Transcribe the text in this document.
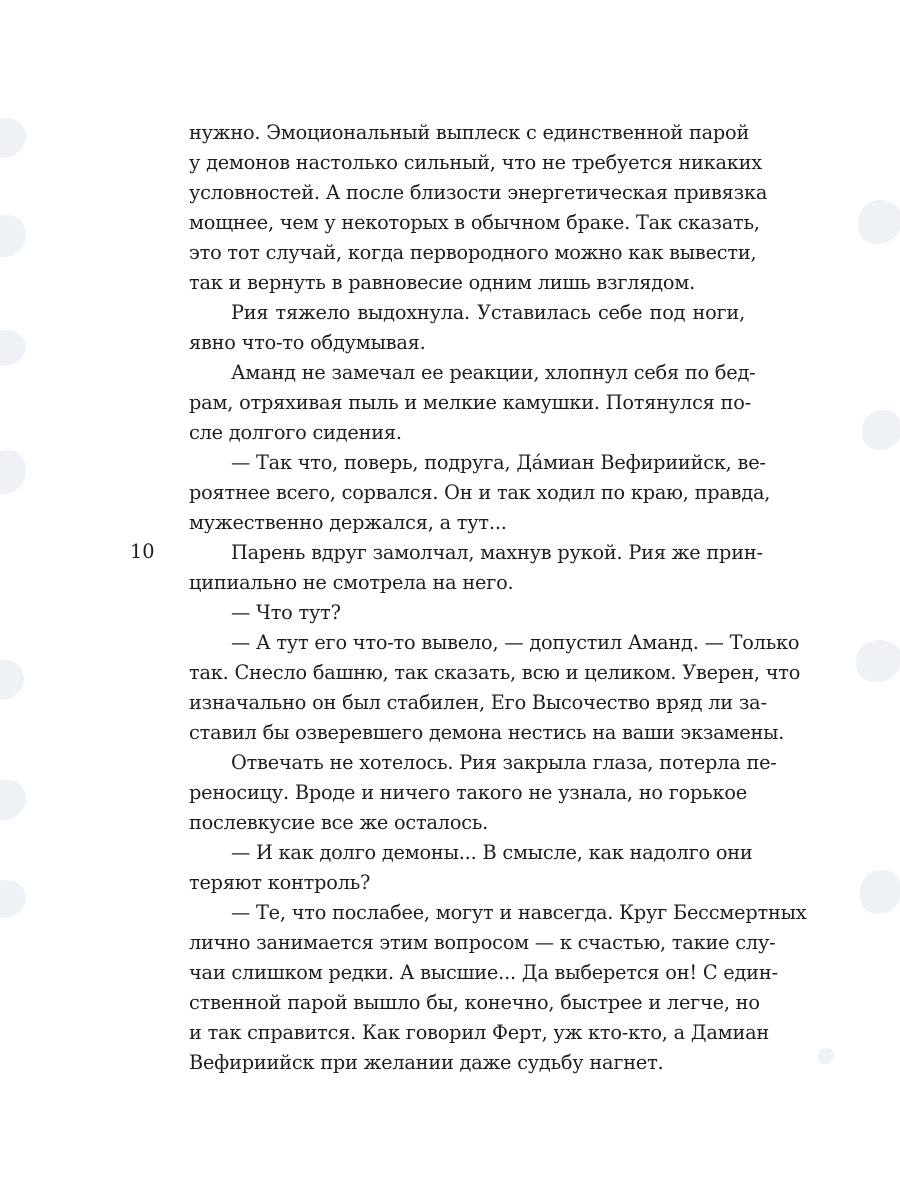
10
нужно. Эмоциональный выплеск с единственной парой
у демонов настолько сильный, что не требуется никаких
условностей. А после близости энергетическая привязка
мощнее, чем у некоторых в обычном браке. Так сказать,
это тот случай, когда первородного можно как вывести,
так и вернуть в равновесие одним лишь взглядом.
Рия тяжело выдохнула. Уставилась себе под ноги,
явно что-то обдумывая.
Аманд не замечал ее реакции, хлопнул себя по бед-
рам, отряхивая пыль и мелкие камушки. Потянулся по-
сле долгого сидения.
— Так что, поверь, подруга, Да́миан Вефириийск, ве-
роятнее всего, сорвался. Он и так ходил по краю, правда,
мужественно держался, а тут...
Парень вдруг замолчал, махнув рукой. Рия же прин-
ципиально не смотрела на него.
— Что тут?
— А тут его что-то вывело, — допустил Аманд. — Только
так. Снесло башню, так сказать, всю и целиком. Уверен, что
изначально он был стабилен, Его Высочество вряд ли за-
ставил бы озверевшего демона нестись на ваши экзамены.
Отвечать не хотелось. Рия закрыла глаза, потерла пе-
реносицу. Вроде и ничего такого не узнала, но горькое
послевкусие все же осталось.
— И как долго демоны... В смысле, как надолго они
теряют контроль?
— Те, что послабее, могут и навсегда. Круг Бессмертных
лично занимается этим вопросом — к счастью, такие слу-
чаи слишком редки. А высшие... Да выберется он! С един-
ственной парой вышло бы, конечно, быстрее и легче, но
и так справится. Как говорил Ферт, уж кто-кто, а Дамиан
Вефириийск при желании даже судьбу нагнет.
